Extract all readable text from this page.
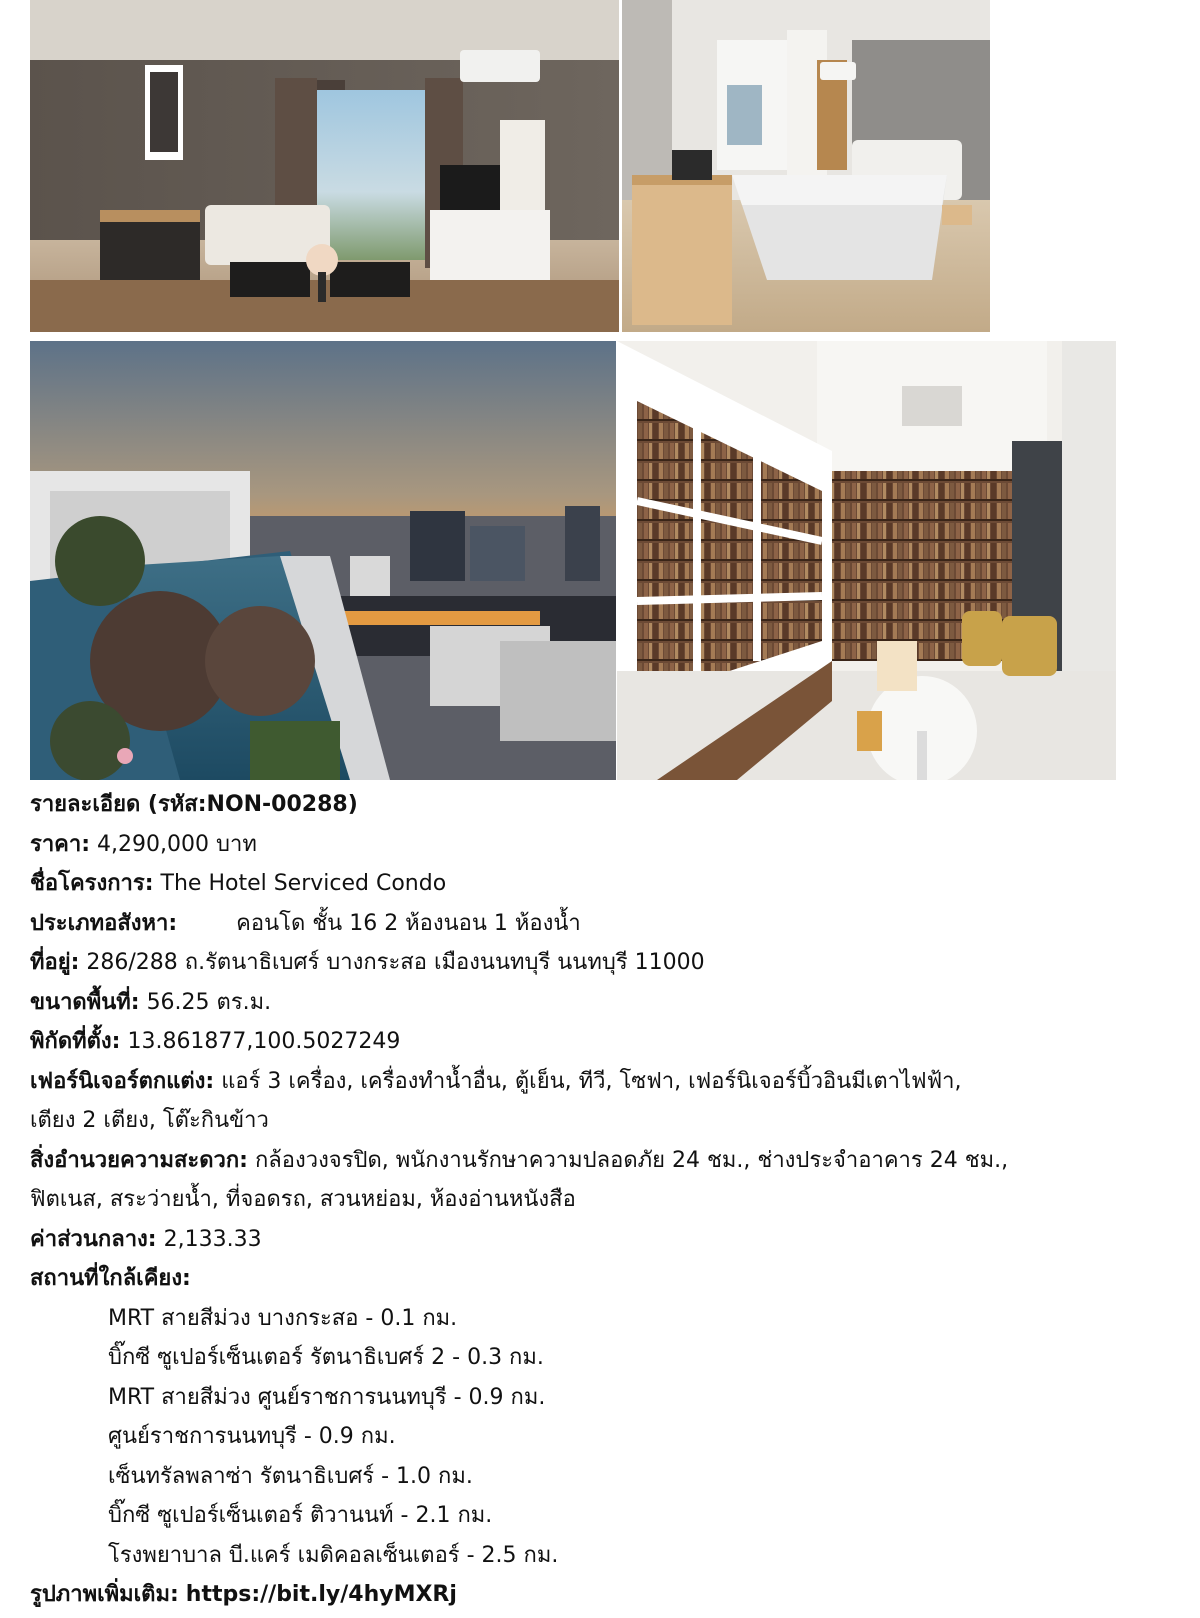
รายละเอียด (รหัส:NON-00288)
ราคา: 4,290,000 บาท
ชื่อโครงการ: The Hotel Serviced Condo
ประเภทอสังหา:	คอนโด ชั้น 16 2 ห้องนอน 1 ห้องน้ำ
ที่อยู่: 286/288 ถ.รัตนาธิเบศร์ บางกระสอ เมืองนนทบุรี นนทบุรี 11000
ขนาดพื้นที่: 56.25 ตร.ม.
พิกัดที่ตั้ง: 13.861877,100.5027249
เฟอร์นิเจอร์ตกแต่ง: แอร์ 3 เครื่อง, เครื่องทำน้ำอื่น, ตู้เย็น, ทีวี, โซฟา, เฟอร์นิเจอร์บิ้วอินมีเตาไฟฟ้า,
เตียง 2 เตียง, โต๊ะกินข้าว
สิ่งอำนวยความสะดวก: กล้องวงจรปิด, พนักงานรักษาความปลอดภัย 24 ชม., ช่างประจำอาคาร 24 ชม.,
ฟิตเนส, สระว่ายน้ำ, ที่จอดรถ, สวนหย่อม, ห้องอ่านหนังสือ
ค่าส่วนกลาง: 2,133.33
สถานที่ใกล้เคียง:
MRT สายสีม่วง บางกระสอ - 0.1 กม.
บิ๊กซี ซูเปอร์เซ็นเตอร์ รัตนาธิเบศร์ 2 - 0.3 กม.
MRT สายสีม่วง ศูนย์ราชการนนทบุรี - 0.9 กม.
ศูนย์ราชการนนทบุรี - 0.9 กม.
เซ็นทรัลพลาซ่า รัตนาธิเบศร์ - 1.0 กม.
บิ๊กซี ซูเปอร์เซ็นเตอร์ ติวานนท์ - 2.1 กม.
โรงพยาบาล บี.แคร์ เมดิคอลเซ็นเตอร์ - 2.5 กม.
รูปภาพเพิ่มเติม: https://bit.ly/4hyMXRj
